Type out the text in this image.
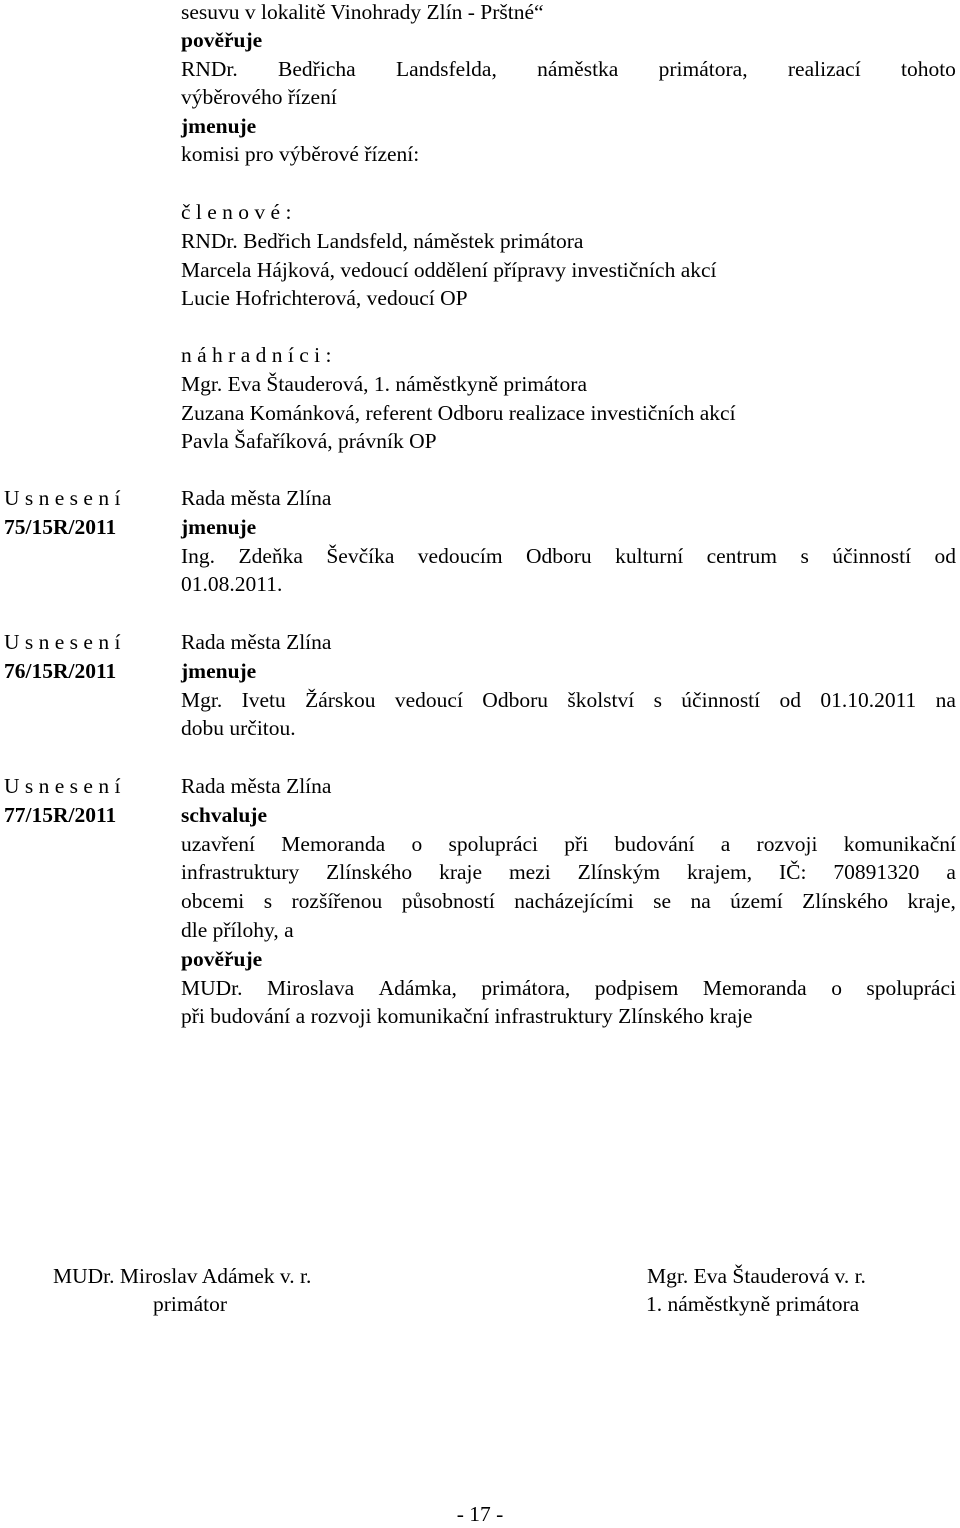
sesuvu v lokalitě Vinohrady Zlín - Prštné“
pověřuje
RNDr. Bedřicha Landsfelda, náměstka primátora, realizací tohoto
výběrového řízení
jmenuje
komisi pro výběrové řízení:
č l e n o v é :
RNDr. Bedřich Landsfeld, náměstek primátora
Marcela Hájková, vedoucí oddělení přípravy investičních akcí
Lucie Hofrichterová, vedoucí OP
n á h r a d n í c i :
Mgr. Eva Štauderová, 1. náměstkyně primátora
Zuzana Kománková, referent Odboru realizace investičních akcí
Pavla Šafaříková, právník OP
U s n e s e n í
75/15R/2011
Rada města Zlína
jmenuje
Ing. Zdeňka Ševčíka vedoucím Odboru kulturní centrum s účinností od
01.08.2011.
U s n e s e n í
76/15R/2011
Rada města Zlína
jmenuje
Mgr. Ivetu Žárskou vedoucí Odboru školství s účinností od 01.10.2011 na
dobu určitou.
U s n e s e n í
77/15R/2011
Rada města Zlína
schvaluje
uzavření Memoranda o spolupráci při budování a rozvoji komunikační
infrastruktury Zlínského kraje mezi Zlínským krajem, IČ: 70891320 a
obcemi s rozšířenou působností nacházejícími se na území Zlínského kraje,
dle přílohy, a
pověřuje
MUDr. Miroslava Adámka, primátora, podpisem Memoranda o spolupráci
při budování a rozvoji komunikační infrastruktury Zlínského kraje
MUDr. Miroslav Adámek v. r.
primátor
Mgr. Eva Štauderová v. r.
1. náměstkyně primátora
- 17 -
